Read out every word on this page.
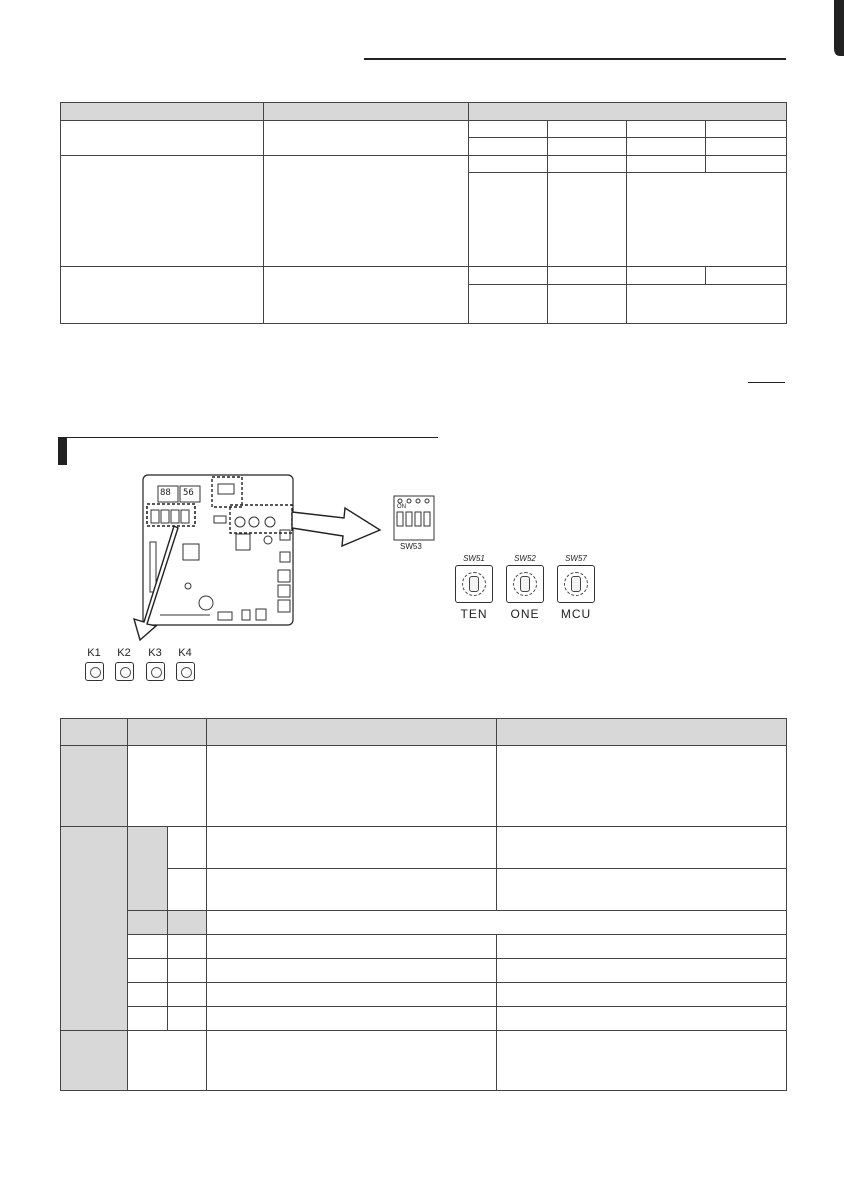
88 56
ON
SW53
SW51
TEN
SW52
ONE
SW57
MCU
K1	K2	K3	K4
